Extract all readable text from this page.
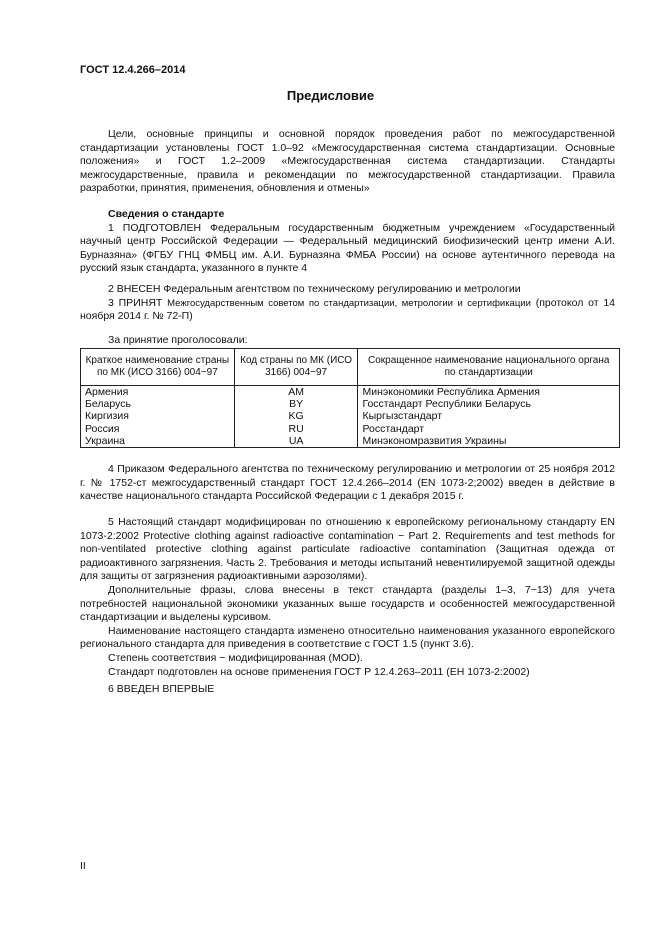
ГОСТ 12.4.266–2014
Предисловие

Цели, основные принципы и основной порядок проведения работ по межгосударственной стандартизации установлены ГОСТ 1.0–92 «Межгосударственная система стандартизации. Основные положения» и ГОСТ 1.2–2009 «Межгосударственная система стандартизации. Стандарты межгосударственные, правила и рекомендации по межгосударственной стандартизации. Правила разработки, принятия, применения, обновления и отмены»

Сведения о стандарте

1 ПОДГОТОВЛЕН Федеральным государственным бюджетным учреждением «Государственный научный центр Российской Федерации — Федеральный медицинский биофизический центр имени А.И. Бурназяна» (ФГБУ ГНЦ ФМБЦ им. А.И. Бурназяна ФМБА России) на основе аутентичного перевода на русский язык стандарта, указанного в пункте 4

2 ВНЕСЕН Федеральным агентством по техническому регулированию и метрологии

3 ПРИНЯТ Межгосударственным советом по стандартизации, метрологии и сертификации (протокол от 14 ноября 2014 г. № 72-П)

За принятие проголосовали:

Краткое наименование страны по МК (ИСО 3166) 004−97	Код страны по МК (ИСО 3166) 004−97	Сокращенное наименование национального органа по стандартизации
Армения	AM	Минэкономики Республика Армения
Беларусь	BY	Госстандарт Республики Беларусь
Киргизия	KG	Кыргызстандарт
Россия	RU	Росстандарт
Украина	UA	Минэкономразвития Украины

4 Приказом Федерального агентства по техническому регулированию и метрологии от 25 ноября 2012 г. № 1752-ст межгосударственный стандарт ГОСТ 12.4.266–2014 (EN 1073-2;2002) введен в действие в качестве национального стандарта Российской Федерации с 1 декабря 2015 г.

5 Настоящий стандарт модифицирован по отношению к европейскому региональному стандарту EN 1073-2:2002 Protective clothing against radioactive contamination − Part 2. Requirements and test methods for non-ventilated protective clothing against particulate radioactive contamination (Защитная одежда от радиоактивного загрязнения. Часть 2. Требования и методы испытаний невентилируемой защитной одежды для защиты от загрязнения радиоактивными аэрозолями).

Дополнительные фразы, слова внесены в текст стандарта (разделы 1–3, 7−13) для учета потребностей национальной экономики указанных выше государств и особенностей межгосударственной стандартизации и выделены курсивом.

Наименование настоящего стандарта изменено относительно наименования указанного европейского регионального стандарта для приведения в соответствие с ГОСТ 1.5 (пункт 3.6).

Степень соответствия − модифицированная (MOD).

Стандарт подготовлен на основе применения ГОСТ Р 12.4.263–2011 (ЕН 1073-2:2002)

6 ВВЕДЕН ВПЕРВЫЕ

II
